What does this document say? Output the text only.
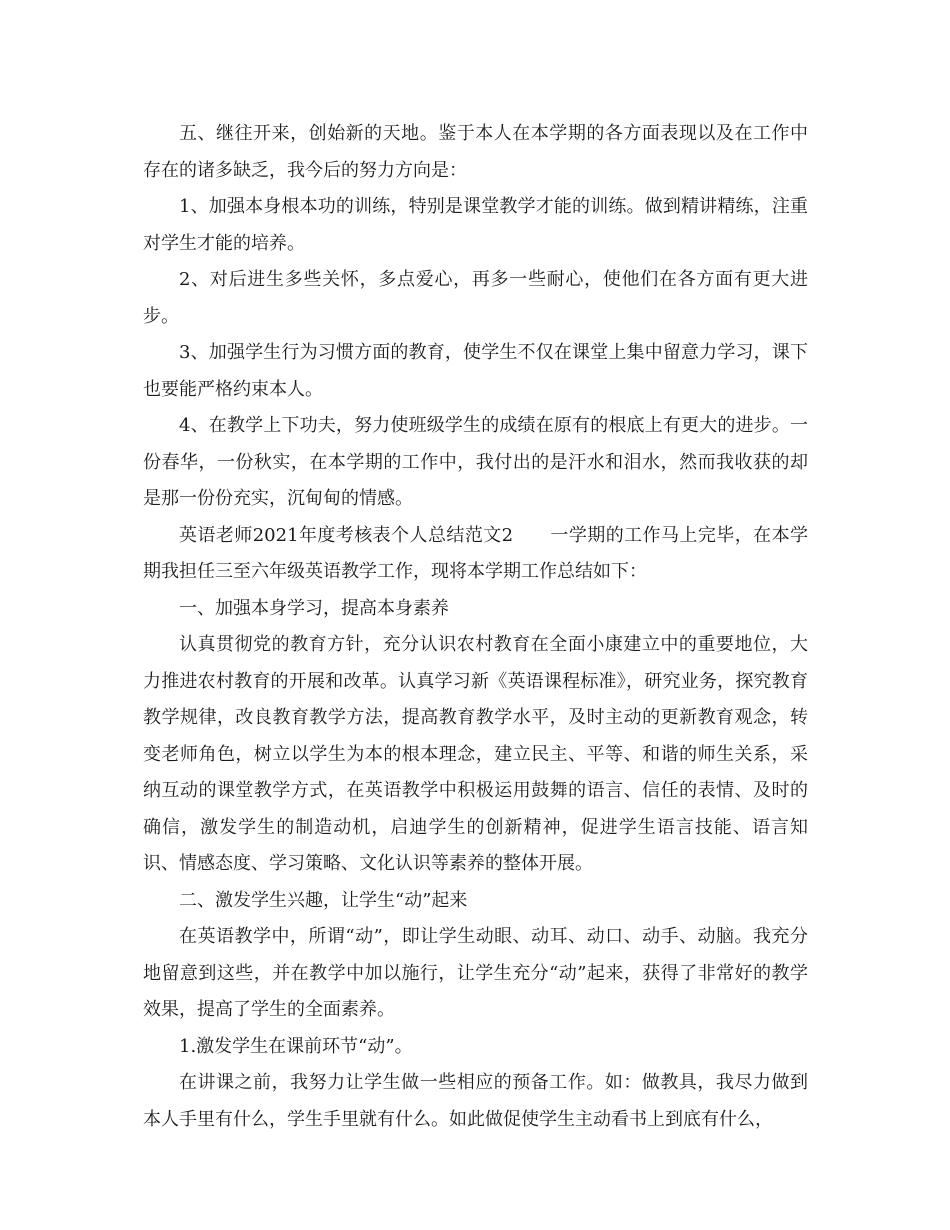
五、继往开来，创始新的天地。鉴于本人在本学期的各方面表现以及在工作中存在的诸多缺乏，我今后的努力方向是：

1、加强本身根本功的训练，特别是课堂教学才能的训练。做到精讲精练，注重对学生才能的培养。

2、对后进生多些关怀，多点爱心，再多一些耐心，使他们在各方面有更大进步。

3、加强学生行为习惯方面的教育，使学生不仅在课堂上集中留意力学习，课下也要能严格约束本人。

4、在教学上下功夫，努力使班级学生的成绩在原有的根底上有更大的进步。一份春华，一份秋实，在本学期的工作中，我付出的是汗水和泪水，然而我收获的却是那一份份充实，沉甸甸的情感。

英语老师2021年度考核表个人总结范文2　　一学期的工作马上完毕，在本学期我担任三至六年级英语教学工作，现将本学期工作总结如下：

一、加强本身学习，提高本身素养

认真贯彻党的教育方针，充分认识农村教育在全面小康建立中的重要地位，大力推进农村教育的开展和改革。认真学习新《英语课程标准》，研究业务，探究教育教学规律，改良教育教学方法，提高教育教学水平，及时主动的更新教育观念，转变老师角色，树立以学生为本的根本理念，建立民主、平等、和谐的师生关系，采纳互动的课堂教学方式，在英语教学中积极运用鼓舞的语言、信任的表情、及时的确信，激发学生的制造动机，启迪学生的创新精神，促进学生语言技能、语言知识、情感态度、学习策略、文化认识等素养的整体开展。

二、激发学生兴趣，让学生“动”起来

在英语教学中，所谓“动”，即让学生动眼、动耳、动口、动手、动脑。我充分地留意到这些，并在教学中加以施行，让学生充分“动”起来，获得了非常好的教学效果，提高了学生的全面素养。

1.激发学生在课前环节“动”。

在讲课之前，我努力让学生做一些相应的预备工作。如：做教具，我尽力做到本人手里有什么，学生手里就有什么。如此做促使学生主动看书上到底有什么，
